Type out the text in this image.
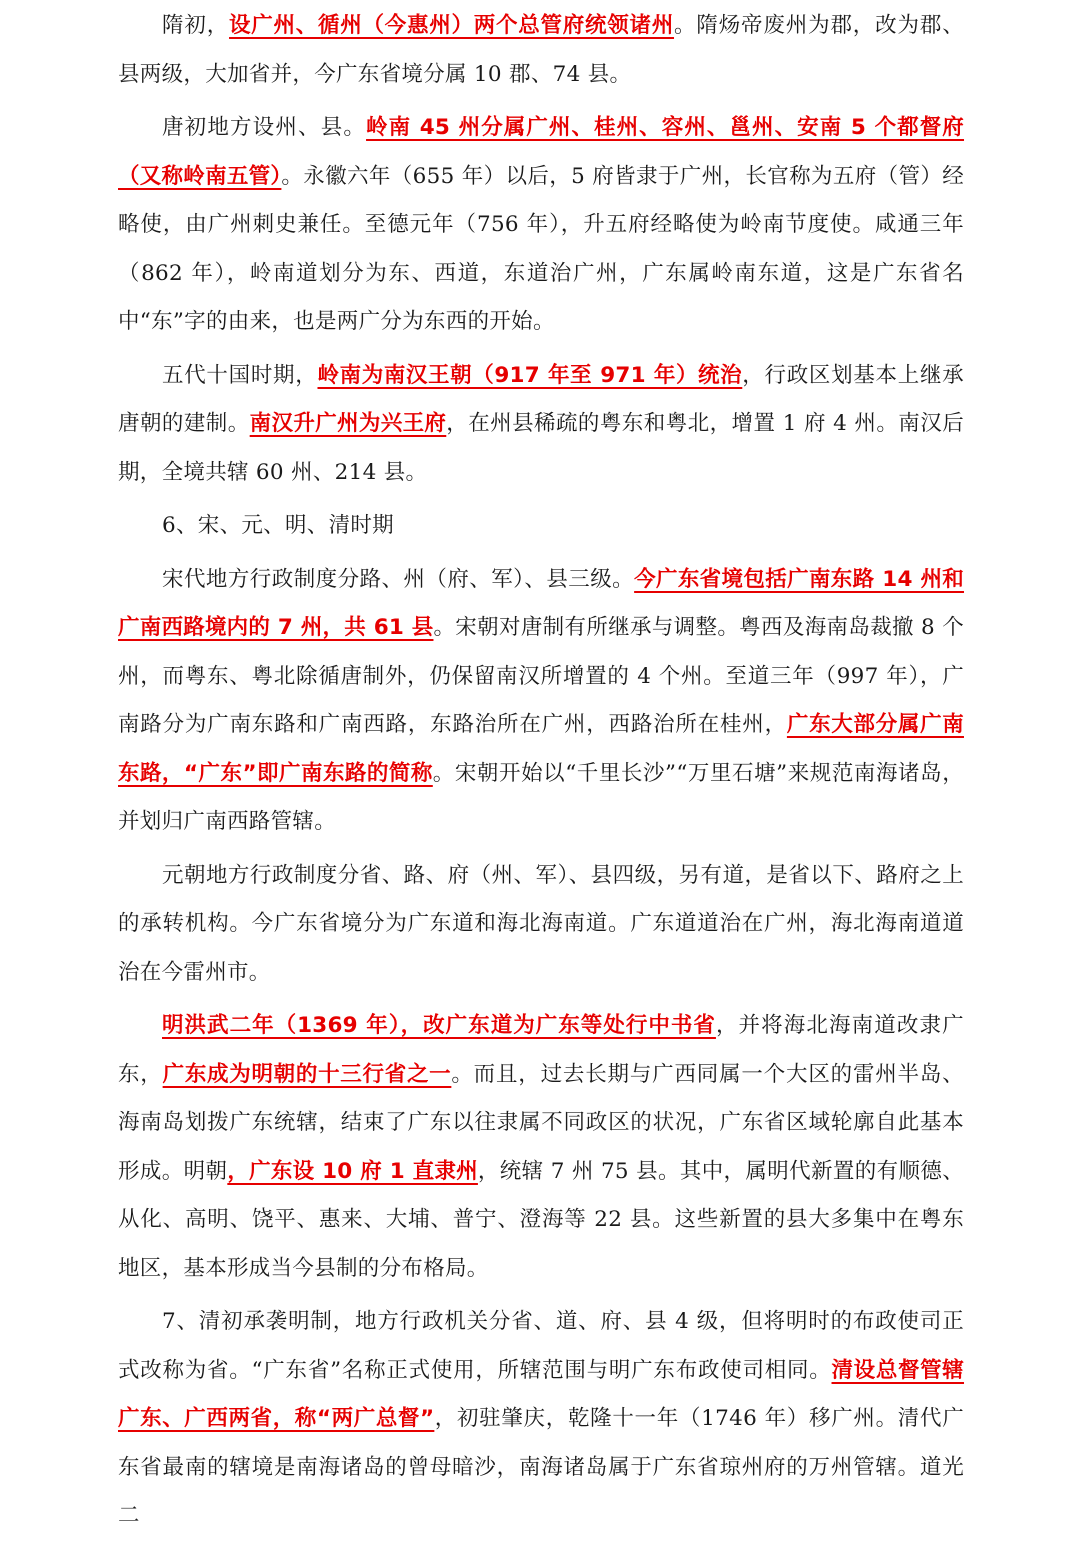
隋初，设广州、循州（今惠州）两个总管府统领诸州。隋炀帝废州为郡，改为郡、县两级，大加省并，今广东省境分属 10 郡、74 县。

唐初地方设州、县。岭南 45 州分属广州、桂州、容州、邕州、安南 5 个都督府（又称岭南五管）。永徽六年（655 年）以后，5 府皆隶于广州，长官称为五府（管）经略使，由广州刺史兼任。至德元年（756 年），升五府经略使为岭南节度使。咸通三年（862 年），岭南道划分为东、西道，东道治广州，广东属岭南东道，这是广东省名中“东”字的由来，也是两广分为东西的开始。

五代十国时期，岭南为南汉王朝（917 年至 971 年）统治，行政区划基本上继承唐朝的建制。南汉升广州为兴王府，在州县稀疏的粤东和粤北，增置 1 府 4 州。南汉后期，全境共辖 60 州、214 县。

6、宋、元、明、清时期

宋代地方行政制度分路、州（府、军）、县三级。今广东省境包括广南东路 14 州和广南西路境内的 7 州，共 61 县。宋朝对唐制有所继承与调整。粤西及海南岛裁撤 8 个州，而粤东、粤北除循唐制外，仍保留南汉所增置的 4 个州。至道三年（997 年），广南路分为广南东路和广南西路，东路治所在广州，西路治所在桂州，广东大部分属广南东路，“广东”即广南东路的简称。宋朝开始以“千里长沙”“万里石塘”来规范南海诸岛，并划归广南西路管辖。

元朝地方行政制度分省、路、府（州、军）、县四级，另有道，是省以下、路府之上的承转机构。今广东省境分为广东道和海北海南道。广东道道治在广州，海北海南道道治在今雷州市。

明洪武二年（1369 年），改广东道为广东等处行中书省，并将海北海南道改隶广东，广东成为明朝的十三行省之一。而且，过去长期与广西同属一个大区的雷州半岛、海南岛划拨广东统辖，结束了广东以往隶属不同政区的状况，广东省区域轮廓自此基本形成。明朝，广东设 10 府 1 直隶州，统辖 7 州 75 县。其中，属明代新置的有顺德、从化、高明、饶平、惠来、大埔、普宁、澄海等 22 县。这些新置的县大多集中在粤东地区，基本形成当今县制的分布格局。

7、清初承袭明制，地方行政机关分省、道、府、县 4 级，但将明时的布政使司正式改称为省。“广东省”名称正式使用，所辖范围与明广东布政使司相同。清设总督管辖广东、广西两省，称“两广总督”，初驻肇庆，乾隆十一年（1746 年）移广州。清代广东省最南的辖境是南海诸岛的曾母暗沙，南海诸岛属于广东省琼州府的万州管辖。道光二
